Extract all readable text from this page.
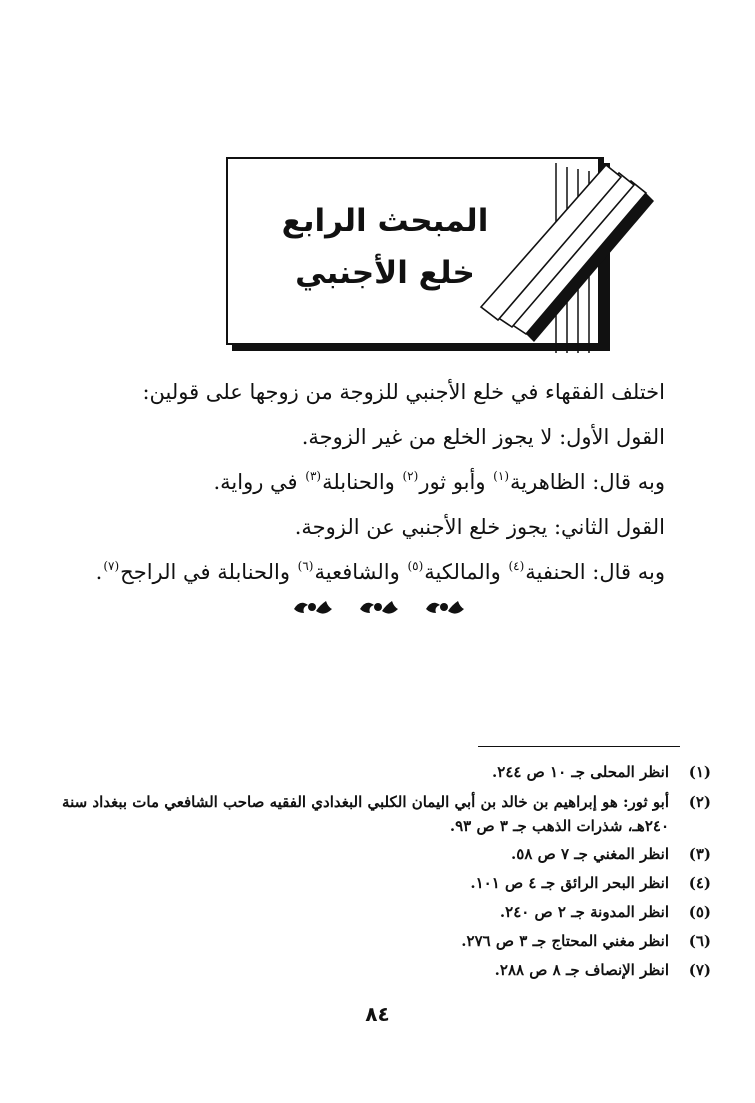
المبحث الرابع
خلع الأجنبي

اختلف الفقهاء في خلع الأجنبي للزوجة من زوجها على قولين:

القول الأول: لا يجوز الخلع من غير الزوجة.

وبه قال: الظاهرية$^{(١)}$ وأبو ثور$^{(٢)}$ والحنابلة$^{(٣)}$ في رواية.

القول الثاني: يجوز خلع الأجنبي عن الزوجة.

وبه قال: الحنفية$^{(٤)}$ والمالكية$^{(٥)}$ والشافعية$^{(٦)}$ والحنابلة في الراجح$^{(٧)}$.

(١)
انظر المحلى جـ ١٠ ص ٢٤٤.
(٢)
أبو ثور: هو إبراهيم بن خالد بن أبي اليمان الكلبي البغدادي الفقيه صاحب الشافعي مات ببغداد سنة ٢٤٠هـ، شذرات الذهب جـ ٣ ص ٩٣.
(٣)
انظر المغني جـ ٧ ص ٥٨.
(٤)
انظر البحر الرائق جـ ٤ ص ١٠١.
(٥)
انظر المدونة جـ ٢ ص ٢٤٠.
(٦)
انظر مغني المحتاج جـ ٣ ص ٢٧٦.
(٧)
انظر الإنصاف جـ ٨ ص ٢٨٨.
٨٤
